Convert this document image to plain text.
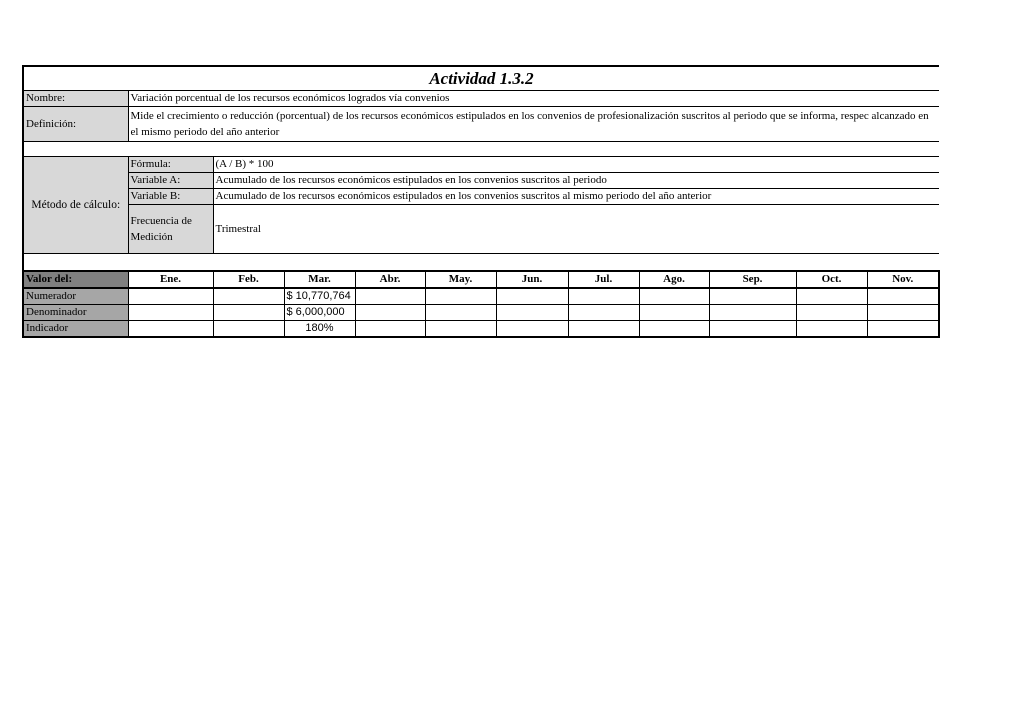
Actividad 1.3.2		
Nombre:	Variación porcentual de los recursos económicos logrados vía convenios	
Definición:	Mide el crecimiento o reducción (porcentual) de los recursos económicos estipulados en los convenios de profesionalización suscritos al periodo que se informa, respec alcanzado en el mismo periodo del año anterior	

Método de cálculo:	Fórmula:	(A / B) * 100
	Variable A:	Acumulado de los recursos económicos estipulados en los convenios suscritos al periodo
	Variable B:	Acumulado de los recursos económicos estipulados en los convenios suscritos al mismo periodo del año anterior
	Frecuencia de Medición	Trimestral

Valor del:	Ene.	Feb.	Mar.	Abr.	May.	Jun.	Jul.	Ago.	Sep.	Oct.	Nov.
Numerador			$ 10,770,764								
Denominador			$ 6,000,000								
Indicador			180%								
